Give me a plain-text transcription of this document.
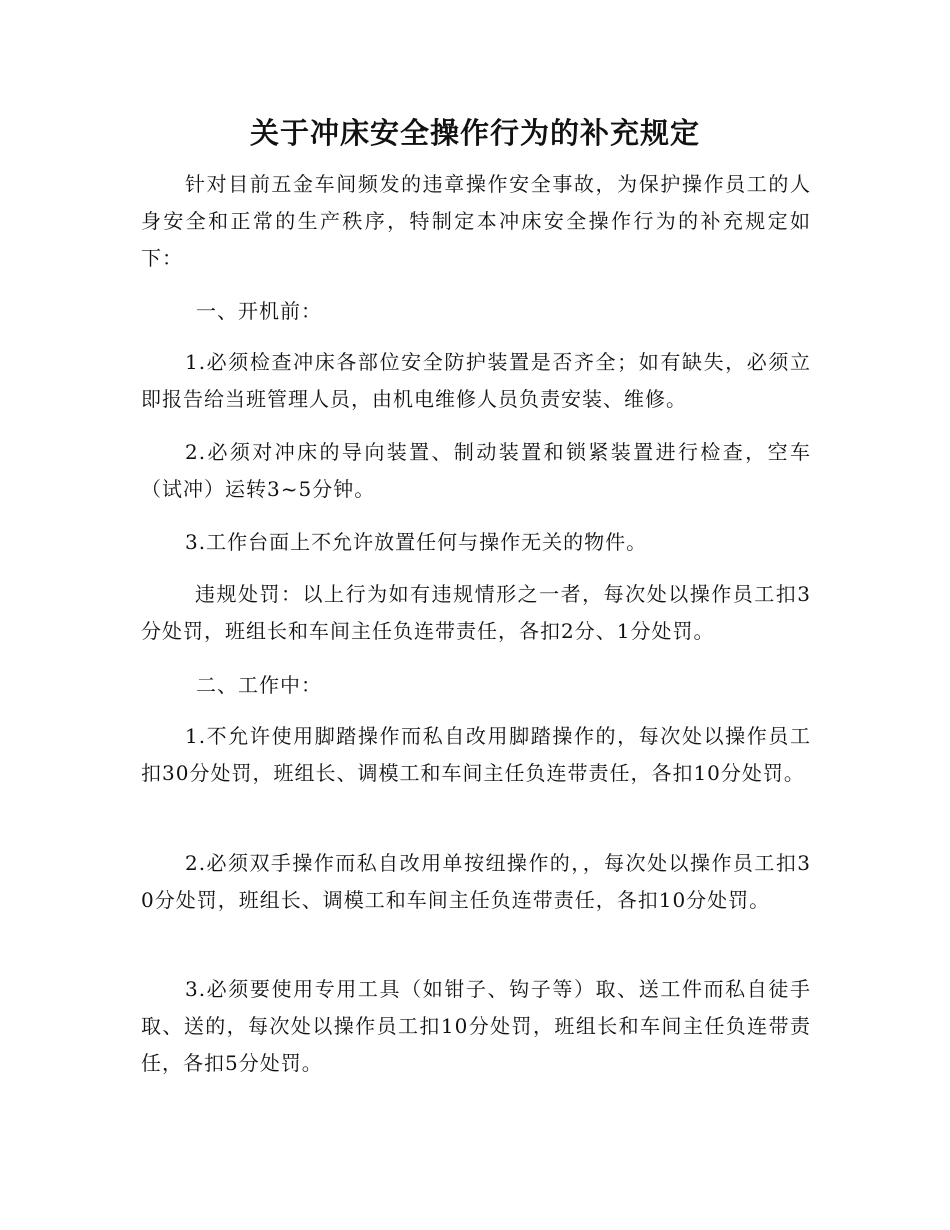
关于冲床安全操作行为的补充规定

针对目前五金车间频发的违章操作安全事故，为保护操作员工的人身安全和正常的生产秩序，特制定本冲床安全操作行为的补充规定如下：

一、开机前：

1.必须检查冲床各部位安全防护装置是否齐全；如有缺失，必须立即报告给当班管理人员，由机电维修人员负责安装、维修。

2.必须对冲床的导向装置、制动装置和锁紧装置进行检查，空车（试冲）运转3~5分钟。

3.工作台面上不允许放置任何与操作无关的物件。

违规处罚：以上行为如有违规情形之一者，每次处以操作员工扣3分处罚，班组长和车间主任负连带责任，各扣2分、1分处罚。

二、工作中：

1.不允许使用脚踏操作而私自改用脚踏操作的，每次处以操作员工扣30分处罚，班组长、调模工和车间主任负连带责任，各扣10分处罚。

2.必须双手操作而私自改用单按纽操作的，，每次处以操作员工扣30分处罚，班组长、调模工和车间主任负连带责任，各扣10分处罚。

3.必须要使用专用工具（如钳子、钩子等）取、送工件而私自徒手取、送的，每次处以操作员工扣10分处罚，班组长和车间主任负连带责任，各扣5分处罚。
